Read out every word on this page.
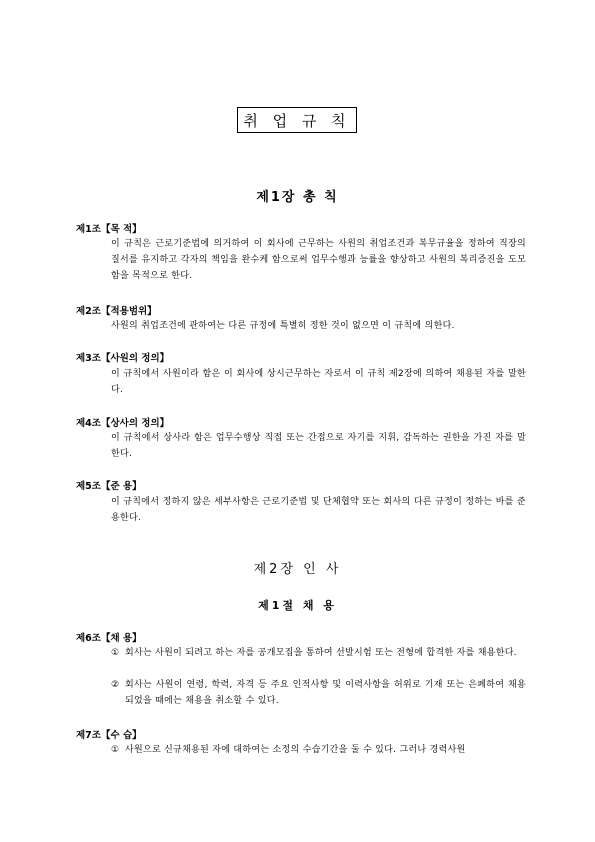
취 업 규 칙
제1장 총 칙
제1조【목 적】
이 규칙은 근로기준법에 의거하여 이 회사에 근무하는 사원의 취업조건과 복무규율을 정하여 직장의 질서를 유지하고 각자의 책임을 완수케 함으로써 업무수행과 능률을 향상하고 사원의 복리증진을 도모함을 목적으로 한다.
제2조【적용범위】
사원의 취업조건에 관하여는 다른 규정에 특별히 정한 것이 없으면 이 규칙에 의한다.
제3조【사원의 정의】
이 규칙에서 사원이라 함은 이 회사에 상시근무하는 자로서 이 규칙 제2장에 의하여 채용된 자를 말한다.
제4조【상사의 정의】
이 규칙에서 상사라 함은 업무수행상 직접 또는 간접으로 자기를 지휘, 감독하는 권한을 가진 자를 말한다.
제5조【준 용】
이 규칙에서 정하지 않은 세부사항은 근로기준법 및 단체협약 또는 회사의 다른 규정이 정하는 바를 준용한다.
제2장 인 사
제1절 채 용
제6조【채 용】
① 회사는 사원이 되려고 하는 자를 공개모집을 통하여 선발시험 또는 전형에 합격한 자를 채용한다.
② 회사는 사원이 연령, 학력, 자격 등 주요 인적사항 및 이력사항을 허위로 기재 또는 은폐하여 채용되었을 때에는 채용을 취소할 수 있다.
제7조【수 습】
① 사원으로 신규채용된 자에 대하여는 소정의 수습기간을 둘 수 있다. 그러나 경력사원
